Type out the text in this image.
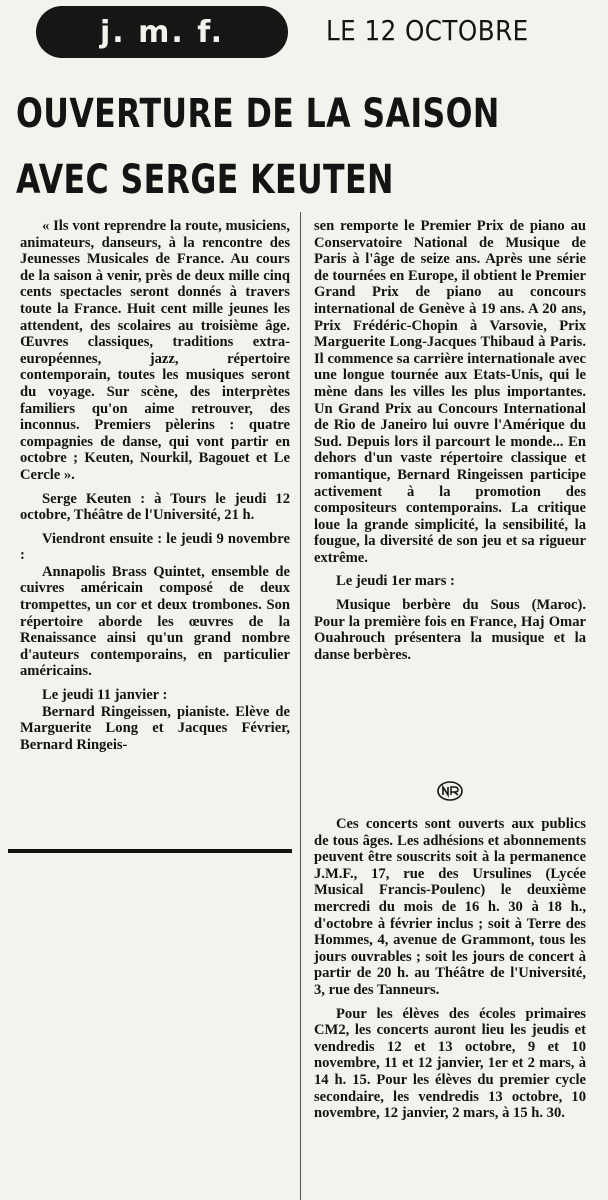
j. m. f.	LE 12 OCTOBRE
OUVERTURE DE LA SAISON
AVEC SERGE KEUTEN

« Ils vont reprendre la route, musiciens, animateurs, danseurs, à la rencontre des Jeunesses Musicales de France. Au cours de la saison à venir, près de deux mille cinq cents spectacles seront donnés à travers toute la France. Huit cent mille jeunes les attendent, des scolaires au troisième âge. Œuvres classiques, traditions extra-européennes, jazz, répertoire contemporain, toutes les musiques seront du voyage. Sur scène, des interprètes familiers qu'on aime retrouver, des inconnus. Premiers pèlerins : quatre compagnies de danse, qui vont partir en octobre ; Keuten, Nourkil, Bagouet et Le Cercle ».

Serge Keuten : à Tours le jeudi 12 octobre, Théâtre de l'Université, 21 h.

Viendront ensuite : le jeudi 9 novembre :

Annapolis Brass Quintet, ensemble de cuivres américain composé de deux trompettes, un cor et deux trombones. Son répertoire aborde les œuvres de la Renaissance ainsi qu'un grand nombre d'auteurs contemporains, en particulier américains.

Le jeudi 11 janvier :

Bernard Ringeissen, pianiste. Elève de Marguerite Long et Jacques Février, Bernard Ringeis-

sen remporte le Premier Prix de piano au Conservatoire National de Musique de Paris à l'âge de seize ans. Après une série de tournées en Europe, il obtient le Premier Grand Prix de piano au concours international de Genève à 19 ans. A 20 ans, Prix Frédéric-Chopin à Varsovie, Prix Marguerite Long-Jacques Thibaud à Paris. Il commence sa carrière internationale avec une longue tournée aux Etats-Unis, qui le mène dans les villes les plus importantes. Un Grand Prix au Concours International de Rio de Janeiro lui ouvre l'Amérique du Sud. Depuis lors il parcourt le monde... En dehors d'un vaste répertoire classique et romantique, Bernard Ringeissen participe activement à la promotion des compositeurs contemporains. La critique loue la grande simplicité, la sensibilité, la fougue, la diversité de son jeu et sa rigueur extrême.

Le jeudi 1er mars :

Musique berbère du Sous (Maroc). Pour la première fois en France, Haj Omar Ouahrouch présentera la musique et la danse berbères.

Ces concerts sont ouverts aux publics de tous âges. Les adhésions et abonnements peuvent être souscrits soit à la permanence J.M.F., 17, rue des Ursulines (Lycée Musical Francis-Poulenc) le deuxième mercredi du mois de 16 h. 30 à 18 h., d'octobre à février inclus ; soit à Terre des Hommes, 4, avenue de Grammont, tous les jours ouvrables ; soit les jours de concert à partir de 20 h. au Théâtre de l'Université, 3, rue des Tanneurs.

Pour les élèves des écoles primaires CM2, les concerts auront lieu les jeudis et vendredis 12 et 13 octobre, 9 et 10 novembre, 11 et 12 janvier, 1er et 2 mars, à 14 h. 15. Pour les élèves du premier cycle secondaire, les vendredis 13 octobre, 10 novembre, 12 janvier, 2 mars, à 15 h. 30.
